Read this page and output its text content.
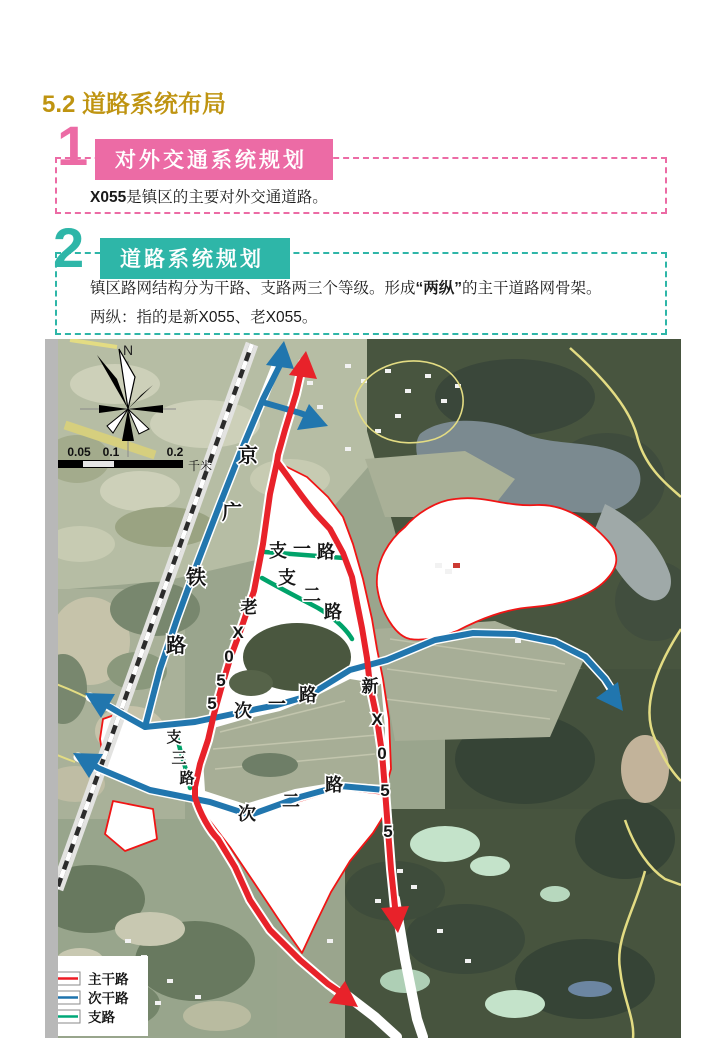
5.2 道路系统布局
1	对外交通系统规划

X055是镇区的主要对外交通道路。

2	道路系统规划

镇区路网结构分为干路、支路两三个等级。形成“两纵”的主干道路网骨架。

两纵：指的是新X055、老X055。

京
广
铁
路
老
X
0
5
5
新
X
0
5
5
支 一 路
支
二
路
支
三
路
次 一 路
次
二
路
N
0.05 0.1	0.2
千米
主干路
次干路
支路
